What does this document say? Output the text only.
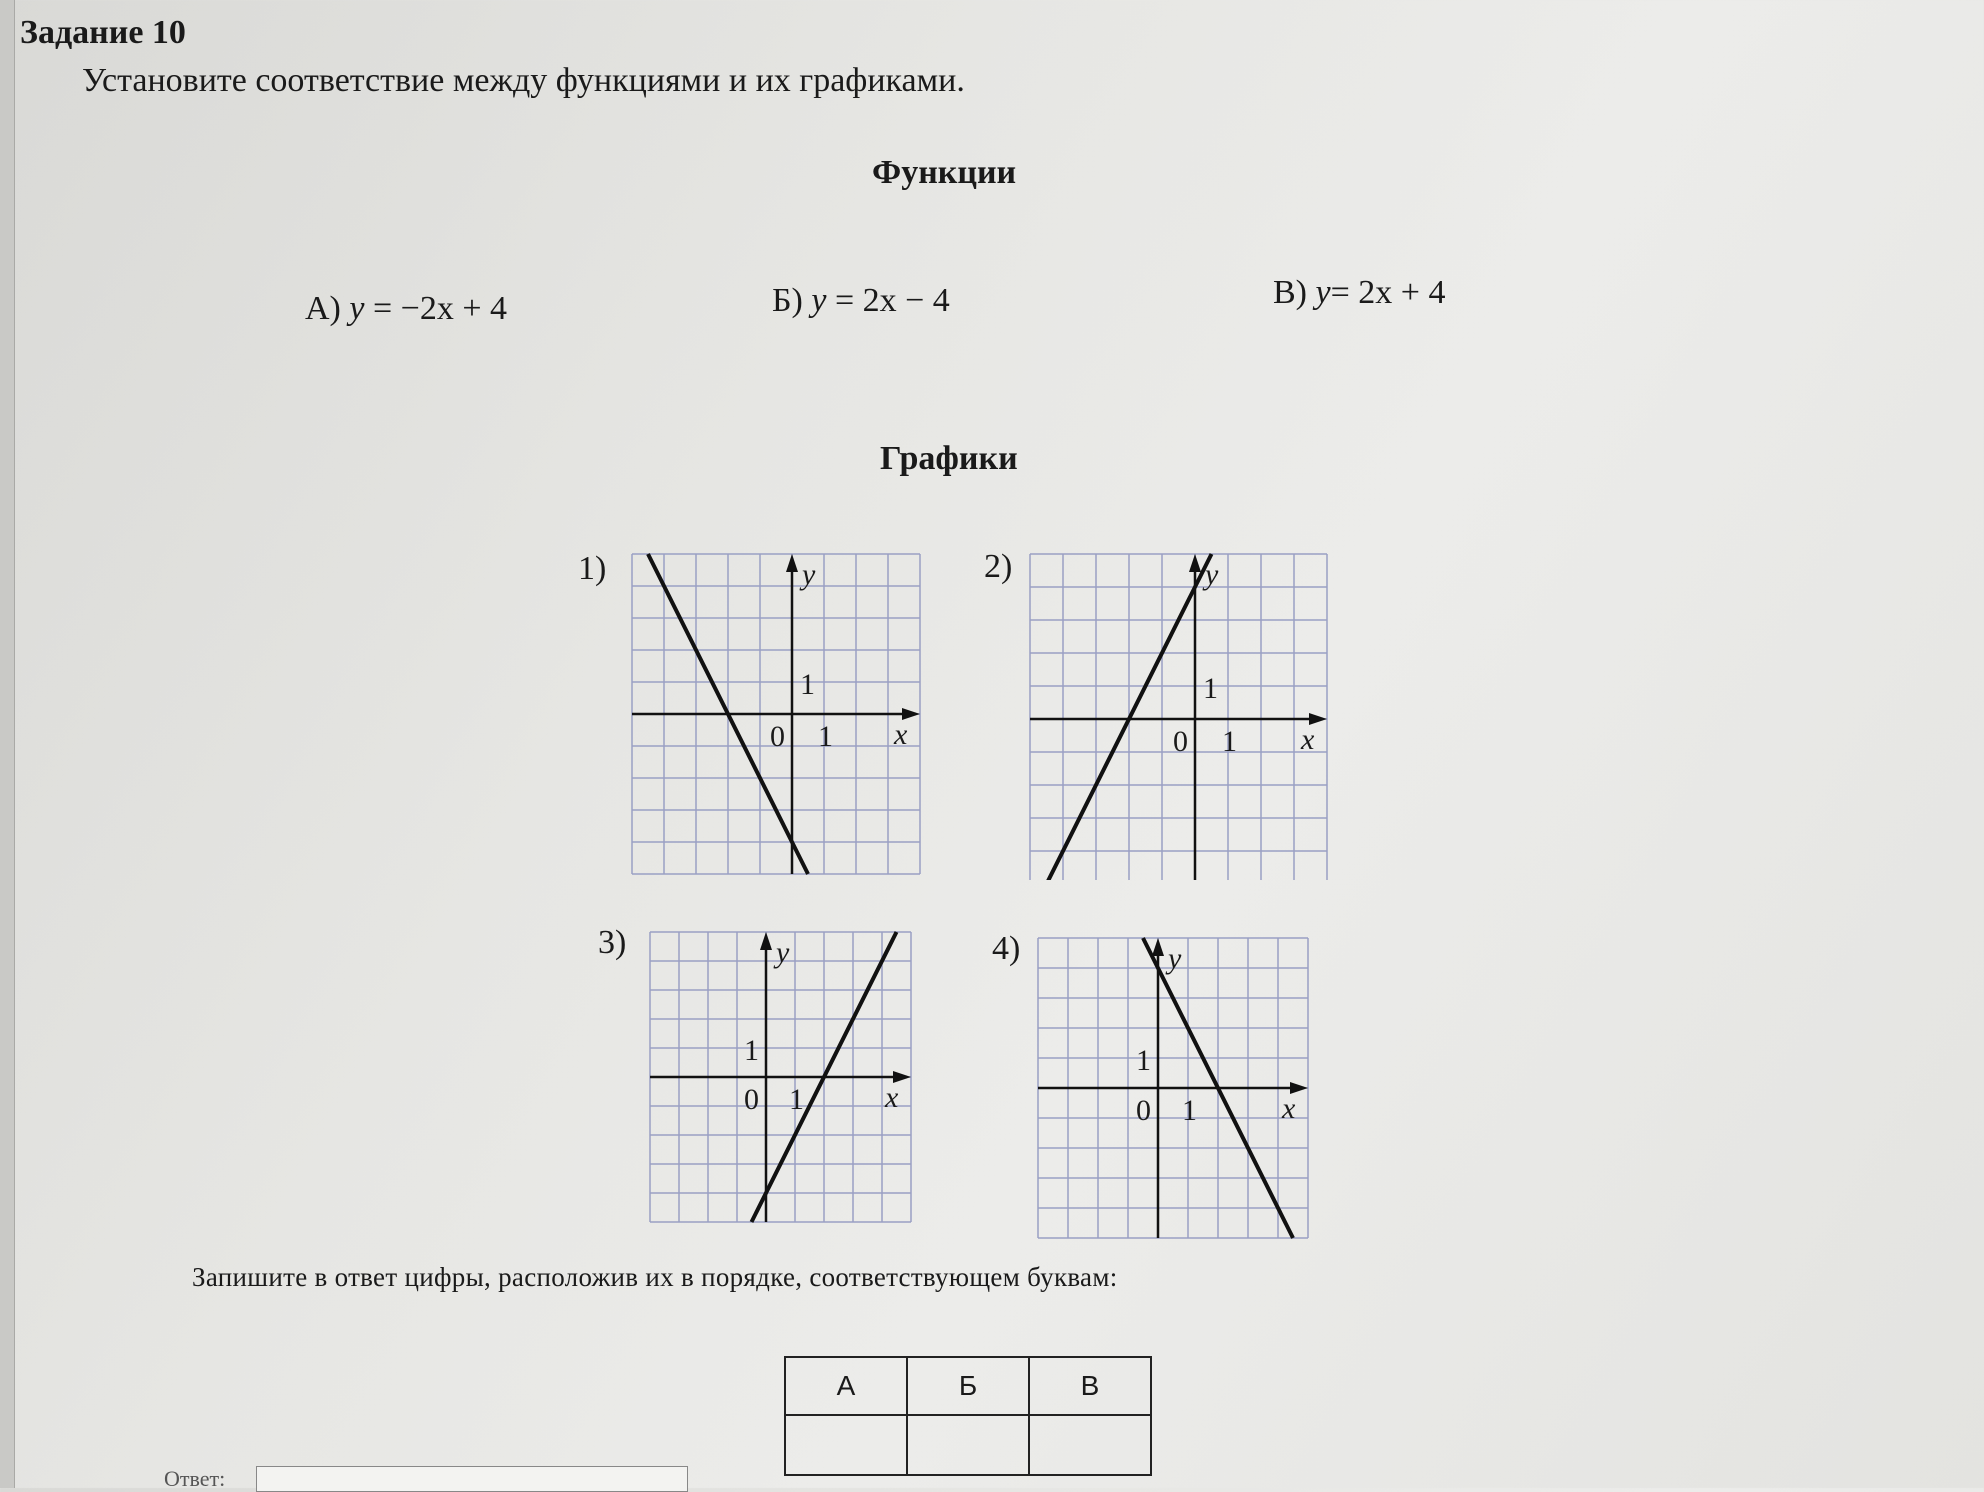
Задание 10
Установите соответствие между функциями и их графиками.
Функции
А) y = −2x + 4	Б) y = 2x − 4	В) y= 2x + 4
Графики
1)
x
y
0 1
1
2)
x
y
0 1
1
3)
x
y
0 1
1
4)
x
y
0 1
1
Запишите в ответ цифры, расположив их в порядке, соответствующем буквам:
А	Б	В

Ответ:
